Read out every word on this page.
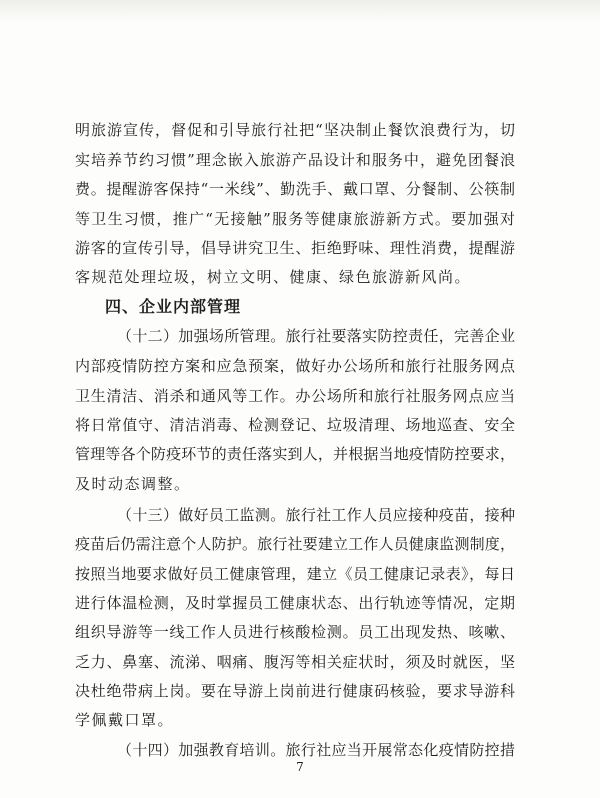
明旅游宣传，督促和引导旅行社把“坚决制止餐饮浪费行为，切
实培养节约习惯”理念嵌入旅游产品设计和服务中，避免团餐浪
费。提醒游客保持“一米线”、勤洗手、戴口罩、分餐制、公筷制
等卫生习惯，推广“无接触”服务等健康旅游新方式。要加强对
游客的宣传引导，倡导讲究卫生、拒绝野味、理性消费，提醒游
客规范处理垃圾，树立文明、健康、绿色旅游新风尚。
四、企业内部管理
（十二）加强场所管理。旅行社要落实防控责任，完善企业
内部疫情防控方案和应急预案，做好办公场所和旅行社服务网点
卫生清洁、消杀和通风等工作。办公场所和旅行社服务网点应当
将日常值守、清洁消毒、检测登记、垃圾清理、场地巡查、安全
管理等各个防疫环节的责任落实到人，并根据当地疫情防控要求，
及时动态调整。
（十三）做好员工监测。旅行社工作人员应接种疫苗，接种
疫苗后仍需注意个人防护。旅行社要建立工作人员健康监测制度，
按照当地要求做好员工健康管理，建立《员工健康记录表》，每日
进行体温检测，及时掌握员工健康状态、出行轨迹等情况，定期
组织导游等一线工作人员进行核酸检测。员工出现发热、咳嗽、
乏力、鼻塞、流涕、咽痛、腹泻等相关症状时，须及时就医，坚
决杜绝带病上岗。要在导游上岗前进行健康码核验，要求导游科
学佩戴口罩。
（十四）加强教育培训。旅行社应当开展常态化疫情防控措
7
